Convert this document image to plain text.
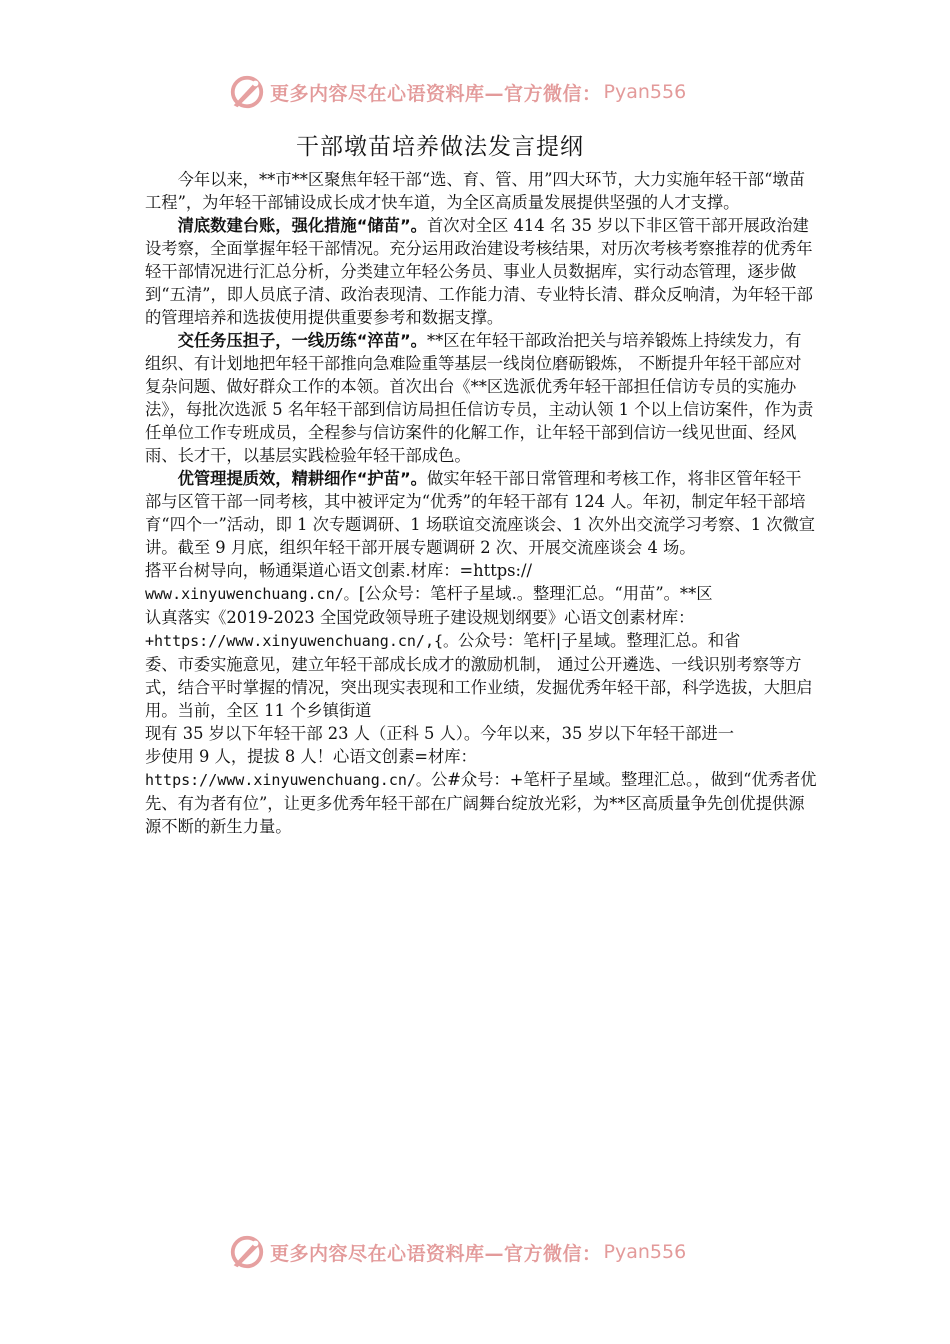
更多内容尽在心语资料库—官方微信： Pyan556
干部墩苗培养做法发言提纲

今年以来，**市**区聚焦年轻干部“选、育、管、用”四大环节，大力实施年轻干部“墩苗工程”，为年轻干部铺设成长成才快车道，为全区高质量发展提供坚强的人才支撑。

清底数建台账，强化措施“储苗”。首次对全区 414 名 35 岁以下非区管干部开展政治建设考察，全面掌握年轻干部情况。充分运用政治建设考核结果，对历次考核考察推荐的优秀年轻干部情况进行汇总分析，分类建立年轻公务员、事业人员数据库，实行动态管理，逐步做到“五清”，即人员底子清、政治表现清、工作能力清、专业特长清、群众反响清，为年轻干部的管理培养和选拔使用提供重要参考和数据支撑。

交任务压担子，一线历练“淬苗”。**区在年轻干部政治把关与培养锻炼上持续发力，有组织、有计划地把年轻干部推向急难险重等基层一线岗位磨砺锻炼， 不断提升年轻干部应对复杂问题、做好群众工作的本领。首次出台《**区选派优秀年轻干部担任信访专员的实施办法》，每批次选派 5 名年轻干部到信访局担任信访专员，主动认领 1 个以上信访案件，作为责任单位工作专班成员，全程参与信访案件的化解工作，让年轻干部到信访一线见世面、经风雨、长才干，以基层实践检验年轻干部成色。

优管理提质效，精耕细作“护苗”。做实年轻干部日常管理和考核工作，将非区管年轻干部与区管干部一同考核，其中被评定为“优秀”的年轻干部有 124 人。年初，制定年轻干部培育“四个一”活动，即 1 次专题调研、1 场联谊交流座谈会、1 次外出交流学习考察、1 次微宣讲。截至 9 月底，组织年轻干部开展专题调研 2 次、开展交流座谈会 4 场。

搭平台树导向，畅通渠道心语文创素.材库：=https://

www.xinyuwenchuang.cn/。[公众号：笔杆子星域.。整理汇总。“用苗”。**区

认真落实《2019-2023 全国党政领导班子建设规划纲要》心语文创素材库：

+https://www.xinyuwenchuang.cn/,{。公众号：笔杆|子星域。整理汇总。和省

委、市委实施意见，建立年轻干部成长成才的激励机制， 通过公开遴选、一线识别考察等方式，结合平时掌握的情况，突出现实表现和工作业绩，发掘优秀年轻干部，科学选拔，大胆启用。当前，全区 11 个乡镇街道

现有 35 岁以下年轻干部 23 人（正科 5 人）。今年以来，35 岁以下年轻干部进一

步使用 9 人，提拔 8 人！心语文创素=材库：

https://www.xinyuwenchuang.cn/。公#众号：+笔杆子星域。整理汇总。，做到“优秀者优先、有为者有位”，让更多优秀年轻干部在广阔舞台绽放光彩，为**区高质量争先创优提供源源不断的新生力量。

更多内容尽在心语资料库—官方微信： Pyan556
